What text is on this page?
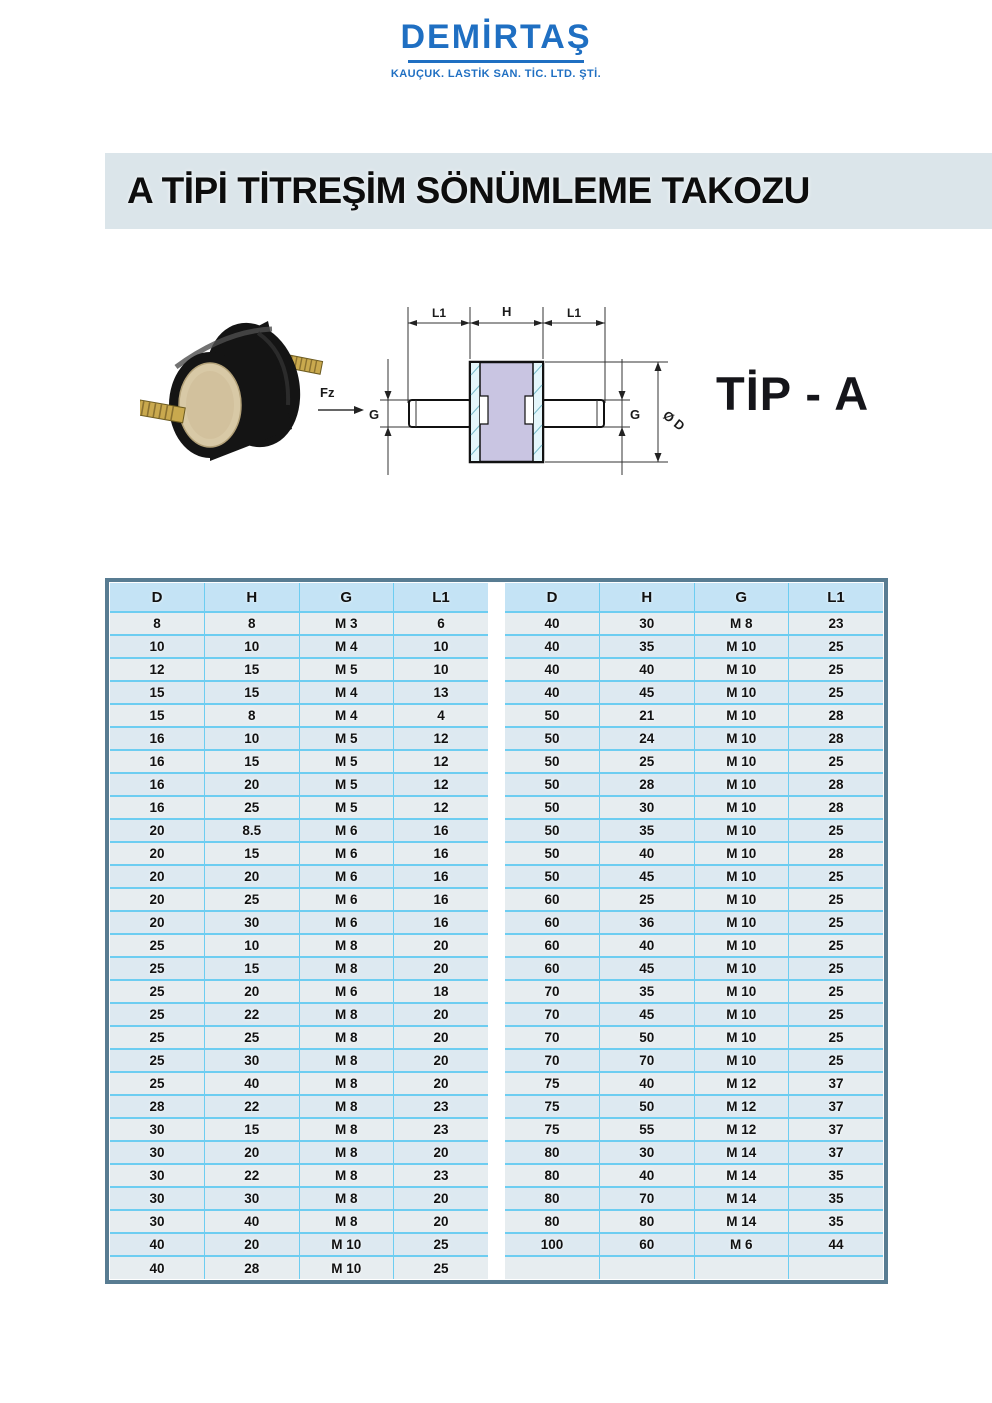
DEMİRTAŞ
KAUÇUK. LASTİK SAN. TİC. LTD. ŞTİ.
A TİPİ TİTREŞİM SÖNÜMLEME TAKOZU
L1	H	L1
G	G
Fz
Ø D
TİP - A
D	H	G	L1
8	8	M 3	6
10	10	M 4	10
12	15	M 5	10
15	15	M 4	13
15	8	M 4	4
16	10	M 5	12
16	15	M 5	12
16	20	M 5	12
16	25	M 5	12
20	8.5	M 6	16
20	15	M 6	16
20	20	M 6	16
20	25	M 6	16
20	30	M 6	16
25	10	M 8	20
25	15	M 8	20
25	20	M 6	18
25	22	M 8	20
25	25	M 8	20
25	30	M 8	20
25	40	M 8	20
28	22	M 8	23
30	15	M 8	23
30	20	M 8	20
30	22	M 8	23
30	30	M 8	20
30	40	M 8	20
40	20	M 10	25
40	28	M 10	25
D	H	G	L1
40	30	M 8	23
40	35	M 10	25
40	40	M 10	25
40	45	M 10	25
50	21	M 10	28
50	24	M 10	28
50	25	M 10	25
50	28	M 10	28
50	30	M 10	28
50	35	M 10	25
50	40	M 10	28
50	45	M 10	25
60	25	M 10	25
60	36	M 10	25
60	40	M 10	25
60	45	M 10	25
70	35	M 10	25
70	45	M 10	25
70	50	M 10	25
70	70	M 10	25
75	40	M 12	37
75	50	M 12	37
75	55	M 12	37
80	30	M 14	37
80	40	M 14	35
80	70	M 14	35
80	80	M 14	35
100	60	M 6	44
